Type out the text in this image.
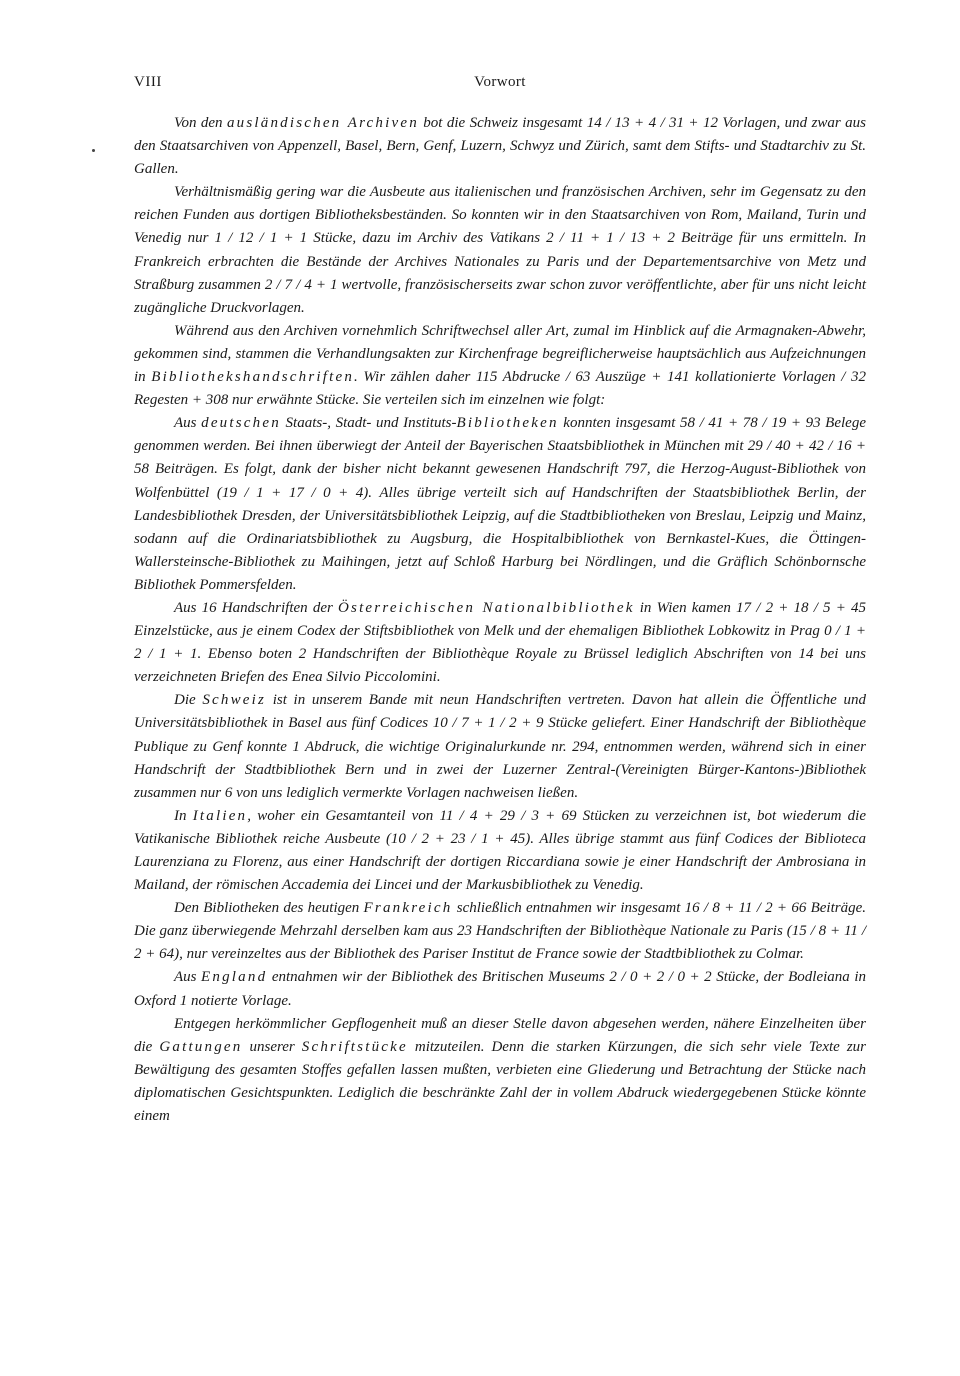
VIII	Vorwort

Von den ausländischen Archiven bot die Schweiz insgesamt 14 / 13 + 4 / 31 + 12 Vorlagen, und zwar aus den Staatsarchiven von Appenzell, Basel, Bern, Genf, Luzern, Schwyz und Zürich, samt dem Stifts- und Stadtarchiv zu St. Gallen.

Verhältnismäßig gering war die Ausbeute aus italienischen und französischen Archiven, sehr im Gegensatz zu den reichen Funden aus dortigen Bibliotheksbeständen. So konnten wir in den Staatsarchiven von Rom, Mailand, Turin und Venedig nur 1 / 12 / 1 + 1 Stücke, dazu im Archiv des Vatikans 2 / 11 + 1 / 13 + 2 Beiträge für uns ermitteln. In Frankreich erbrachten die Bestände der Archives Nationales zu Paris und der Departementsarchive von Metz und Straßburg zusammen 2 / 7 / 4 + 1 wertvolle, französischerseits zwar schon zuvor veröffentlichte, aber für uns nicht leicht zugängliche Druckvorlagen.

Während aus den Archiven vornehmlich Schriftwechsel aller Art, zumal im Hinblick auf die Armagnaken-Abwehr, gekommen sind, stammen die Verhandlungsakten zur Kirchenfrage begreiflicherweise hauptsächlich aus Aufzeichnungen in Bibliothekshandschriften. Wir zählen daher 115 Abdrucke / 63 Auszüge + 141 kollationierte Vorlagen / 32 Regesten + 308 nur erwähnte Stücke. Sie verteilen sich im einzelnen wie folgt:

Aus deutschen Staats-, Stadt- und Instituts-Bibliotheken konnten insgesamt 58 / 41 + 78 / 19 + 93 Belege genommen werden. Bei ihnen überwiegt der Anteil der Bayerischen Staatsbibliothek in München mit 29 / 40 + 42 / 16 + 58 Beiträgen. Es folgt, dank der bisher nicht bekannt gewesenen Handschrift 797, die Herzog-August-Bibliothek von Wolfenbüttel (19 / 1 + 17 / 0 + 4). Alles übrige verteilt sich auf Handschriften der Staatsbibliothek Berlin, der Landesbibliothek Dresden, der Universitätsbibliothek Leipzig, auf die Stadtbibliotheken von Breslau, Leipzig und Mainz, sodann auf die Ordinariatsbibliothek zu Augsburg, die Hospitalbibliothek von Bernkastel-Kues, die Öttingen-Wallersteinsche-Bibliothek zu Maihingen, jetzt auf Schloß Harburg bei Nördlingen, und die Gräflich Schönbornsche Bibliothek Pommersfelden.

Aus 16 Handschriften der Österreichischen Nationalbibliothek in Wien kamen 17 / 2 + 18 / 5 + 45 Einzelstücke, aus je einem Codex der Stiftsbibliothek von Melk und der ehemaligen Bibliothek Lobkowitz in Prag 0 / 1 + 2 / 1 + 1. Ebenso boten 2 Handschriften der Bibliothèque Royale zu Brüssel lediglich Abschriften von 14 bei uns verzeichneten Briefen des Enea Silvio Piccolomini.

Die Schweiz ist in unserem Bande mit neun Handschriften vertreten. Davon hat allein die Öffentliche und Universitätsbibliothek in Basel aus fünf Codices 10 / 7 + 1 / 2 + 9 Stücke geliefert. Einer Handschrift der Bibliothèque Publique zu Genf konnte 1 Abdruck, die wichtige Originalurkunde nr. 294, entnommen werden, während sich in einer Handschrift der Stadtbibliothek Bern und in zwei der Luzerner Zentral-(Vereinigten Bürger-Kantons-)Bibliothek zusammen nur 6 von uns lediglich vermerkte Vorlagen nachweisen ließen.

In Italien, woher ein Gesamtanteil von 11 / 4 + 29 / 3 + 69 Stücken zu verzeichnen ist, bot wiederum die Vatikanische Bibliothek reiche Ausbeute (10 / 2 + 23 / 1 + 45). Alles übrige stammt aus fünf Codices der Biblioteca Laurenziana zu Florenz, aus einer Handschrift der dortigen Riccardiana sowie je einer Handschrift der Ambrosiana in Mailand, der römischen Accademia dei Lincei und der Markusbibliothek zu Venedig.

Den Bibliotheken des heutigen Frankreich schließlich entnahmen wir insgesamt 16 / 8 + 11 / 2 + 66 Beiträge. Die ganz überwiegende Mehrzahl derselben kam aus 23 Handschriften der Bibliothèque Nationale zu Paris (15 / 8 + 11 / 2 + 64), nur vereinzeltes aus der Bibliothek des Pariser Institut de France sowie der Stadtbibliothek zu Colmar.

Aus England entnahmen wir der Bibliothek des Britischen Museums 2 / 0 + 2 / 0 + 2 Stücke, der Bodleiana in Oxford 1 notierte Vorlage.

Entgegen herkömmlicher Gepflogenheit muß an dieser Stelle davon abgesehen werden, nähere Einzelheiten über die Gattungen unserer Schriftstücke mitzuteilen. Denn die starken Kürzungen, die sich sehr viele Texte zur Bewältigung des gesamten Stoffes gefallen lassen mußten, verbieten eine Gliederung und Betrachtung der Stücke nach diplomatischen Gesichtspunkten. Lediglich die beschränkte Zahl der in vollem Abdruck wiedergegebenen Stücke könnte einem
